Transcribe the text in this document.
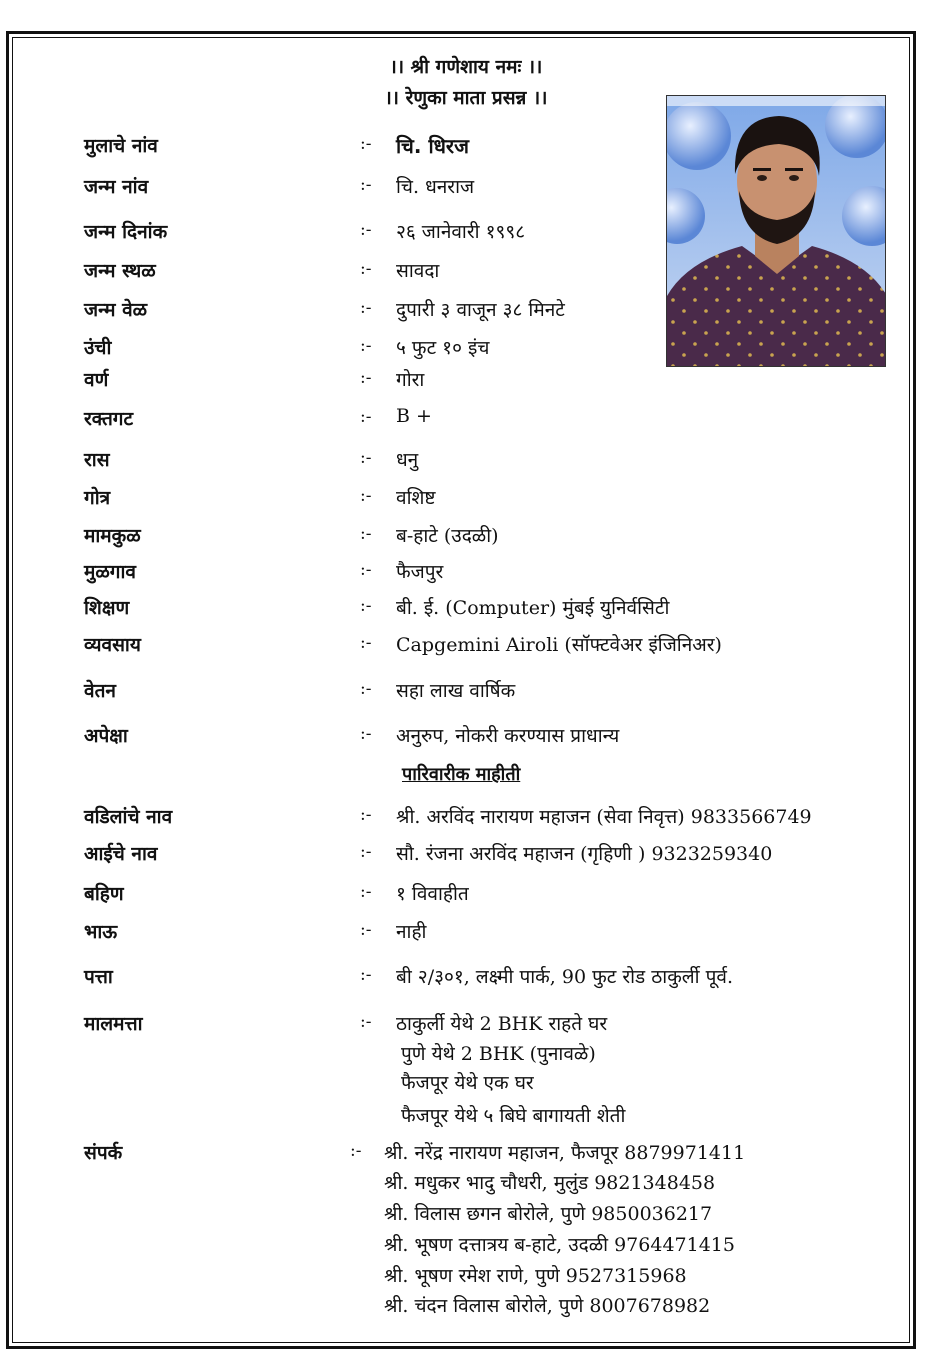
।। श्री गणेशाय नमः ।।
।। रेणुका माता प्रसन्न ।।
मुलाचे नांव	:- चि. धिरज
जन्म नांव	:- चि. धनराज
जन्म दिनांक	:- २६ जानेवारी १९९८
जन्म स्थळ	:- सावदा
जन्म वेळ	:- दुपारी ३ वाजून ३८ मिनटे
उंची	:- ५ फुट १० इंच
वर्ण	:- गोरा
रक्तगट	:- B +
रास	:- धनु
गोत्र	:- वशिष्ट
मामकुळ	:- ब-हाटे (उदळी)
मुळगाव	:- फैजपुर
शिक्षण	:- बी. ई. (Computer) मुंबई युनिर्वसिटी
व्यवसाय	:- Capgemini Airoli (सॉफ्टवेअर इंजिनिअर)
वेतन	:- सहा लाख वार्षिक
अपेक्षा	:- अनुरुप, नोकरी करण्यास प्राधान्य
पारिवारीक माहीती
वडिलांचे नाव	:- श्री. अरविंद नारायण महाजन (सेवा निवृत्त) 9833566749
आईचे नाव	:- सौ. रंजना अरविंद महाजन (गृहिणी ) 9323259340
बहिण	:- १ विवाहीत
भाऊ	:- नाही
पत्ता	:- बी २/३०१, लक्ष्मी पार्क, 90 फुट रोड ठाकुर्ली पूर्व.
मालमत्ता	:- ठाकुर्ली येथे 2 BHK राहते घर
पुणे येथे 2 BHK (पुनावळे)
फैजपूर येथे एक घर
फैजपूर येथे ५ बिघे बागायती शेती
संपर्क	:- श्री. नरेंद्र नारायण महाजन, फैजपूर 8879971411
श्री. मधुकर भादु चौधरी, मुलुंड 9821348458
श्री. विलास छगन बोरोले, पुणे 9850036217
श्री. भूषण दत्तात्रय ब-हाटे, उदळी 9764471415
श्री. भूषण रमेश राणे, पुणे 9527315968
श्री. चंदन विलास बोरोले, पुणे 8007678982
